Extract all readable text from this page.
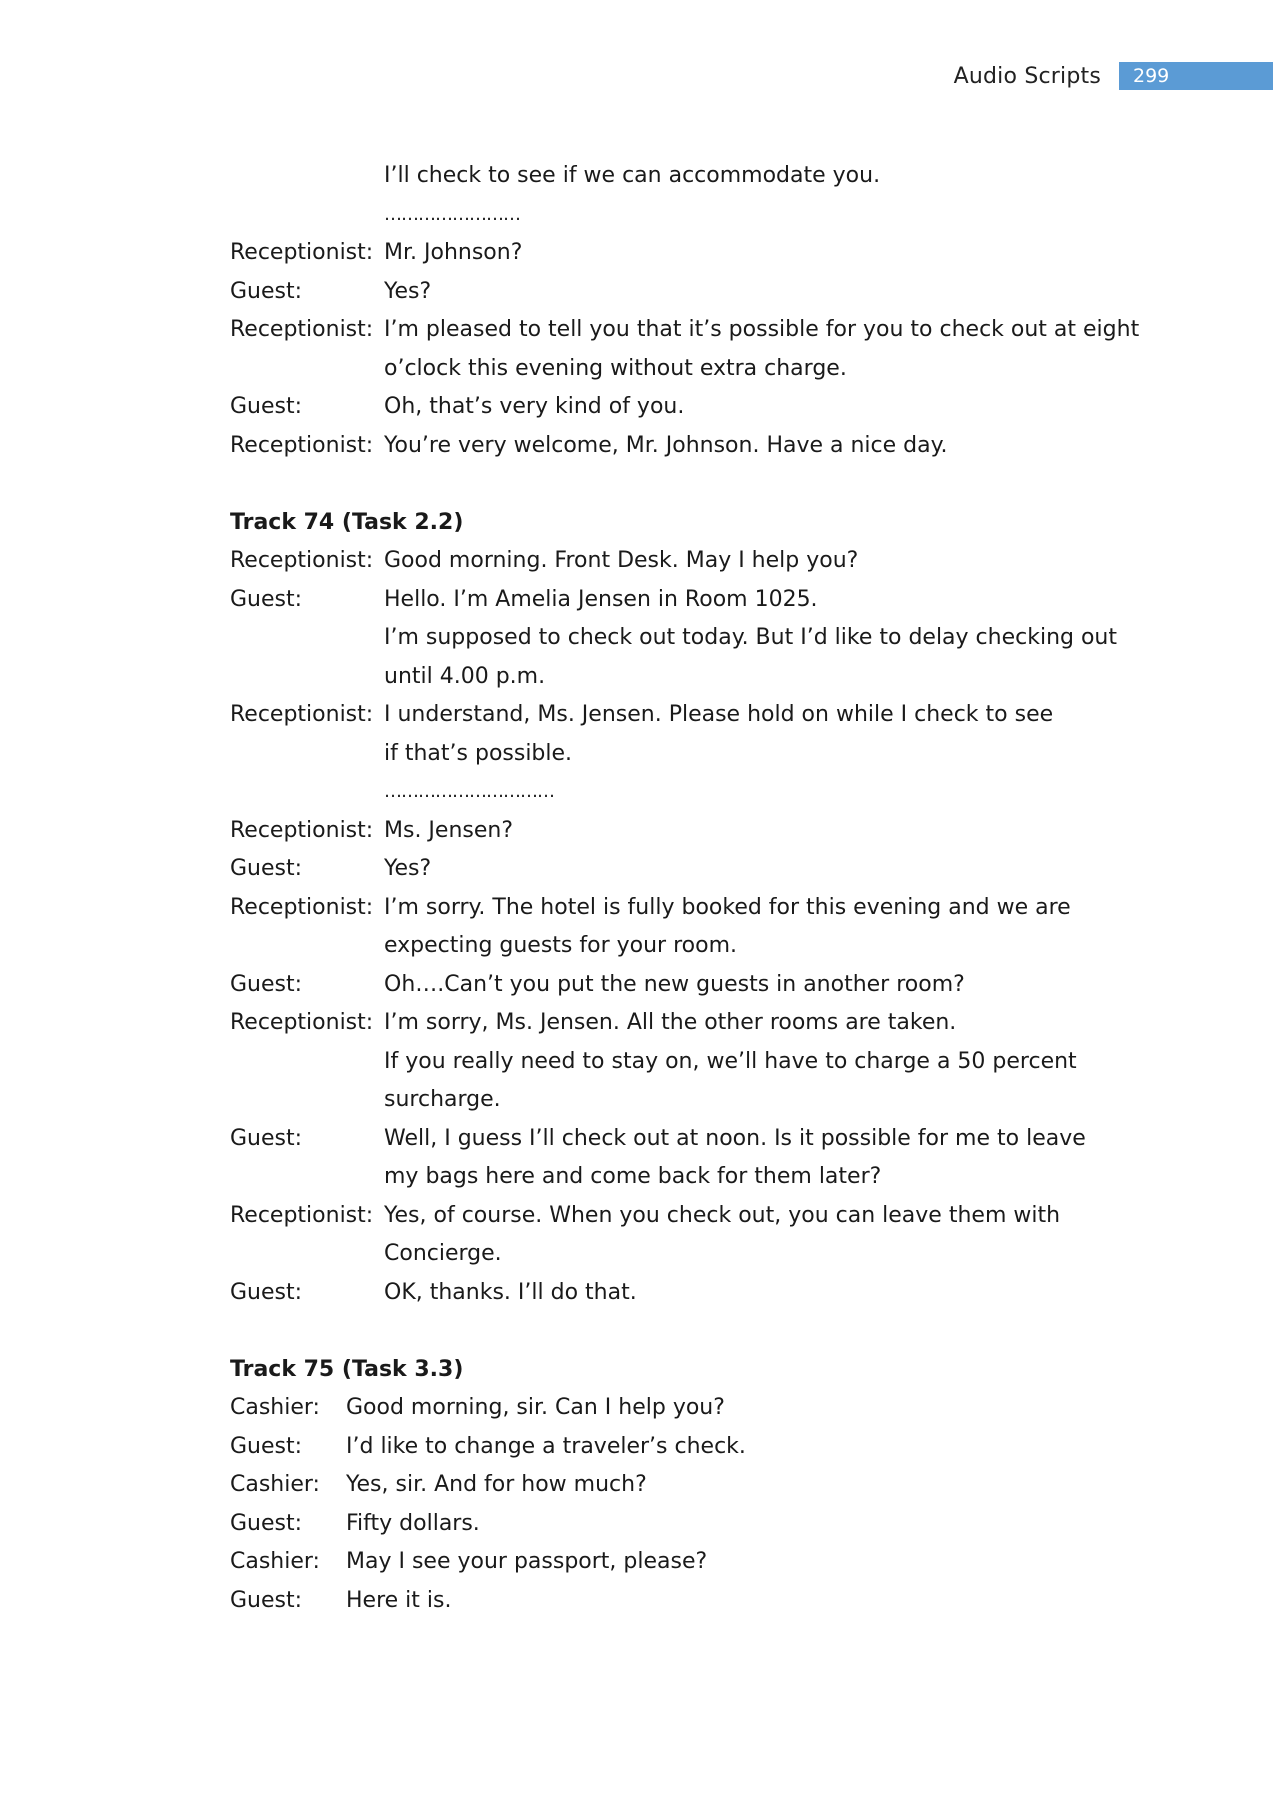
Audio Scripts	299
I’ll check to see if we can accommodate you.
……………………
Receptionist: Mr. Johnson?
Guest:	Yes?
Receptionist: I’m pleased to tell you that it’s possible for you to check out at eight
o’clock this evening without extra charge.
Guest:	Oh, that’s very kind of you.
Receptionist: You’re very welcome, Mr. Johnson. Have a nice day.
Track 74 (Task 2.2)
Receptionist: Good morning. Front Desk. May I help you?
Guest:	Hello. I’m Amelia Jensen in Room 1025.
I’m supposed to check out today. But I’d like to delay checking out
until 4.00 p.m.
Receptionist: I understand, Ms. Jensen. Please hold on while I check to see
if that’s possible.
…………………………
Receptionist: Ms. Jensen?
Guest:	Yes?
Receptionist: I’m sorry. The hotel is fully booked for this evening and we are
expecting guests for your room.
Guest:	Oh….Can’t you put the new guests in another room?
Receptionist: I’m sorry, Ms. Jensen. All the other rooms are taken.
If you really need to stay on, we’ll have to charge a 50 percent
surcharge.
Guest:	Well, I guess I’ll check out at noon. Is it possible for me to leave
my bags here and come back for them later?
Receptionist: Yes, of course. When you check out, you can leave them with
Concierge.
Guest:	OK, thanks. I’ll do that.
Track 75 (Task 3.3)
Cashier:	Good morning, sir. Can I help you?
Guest:	I’d like to change a traveler’s check.
Cashier:	Yes, sir. And for how much?
Guest:	Fifty dollars.
Cashier:	May I see your passport, please?
Guest:	Here it is.
